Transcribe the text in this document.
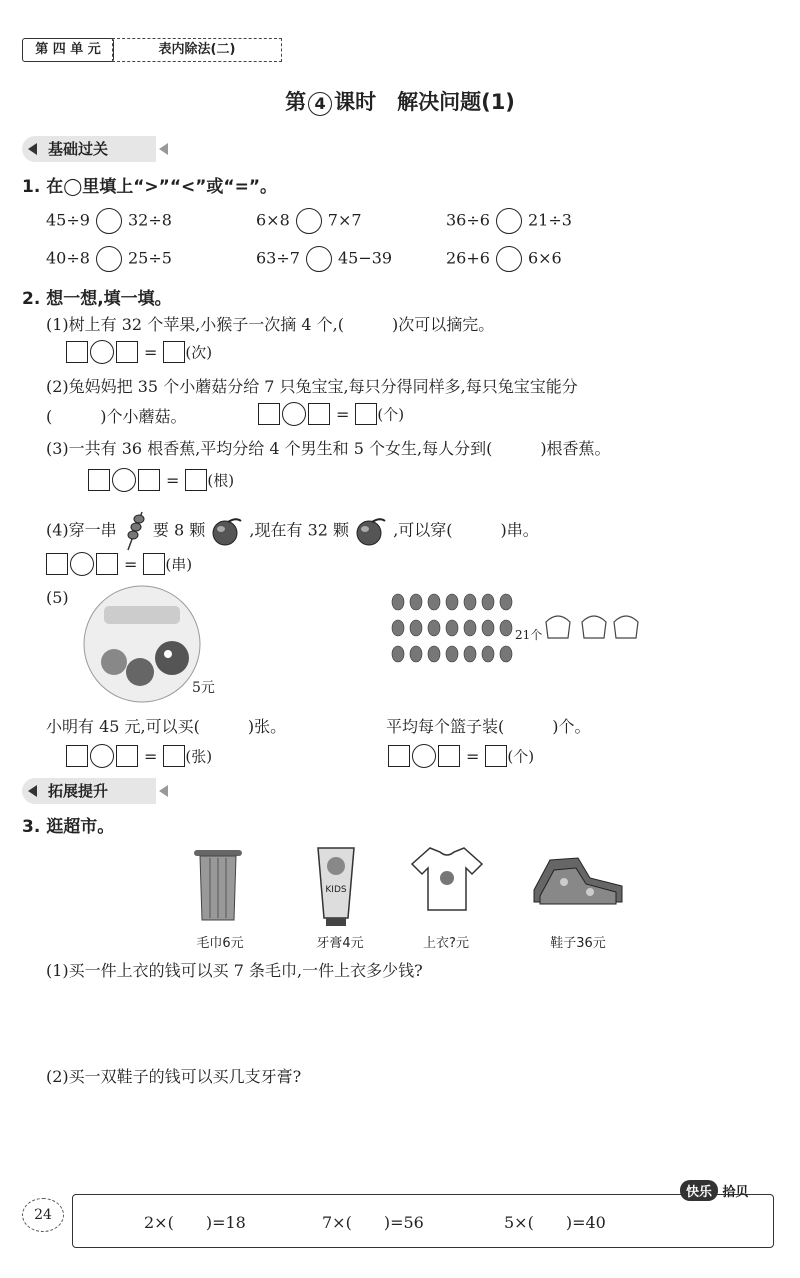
第 四 单 元	表内除法(二)
第 4 课时　解决问题(1)
基础过关
1. 在◯里填上“>”“<”或“=”。
45÷9 32÷8	6×8 7×7	36÷6 21÷3
40÷8 25÷5	63÷7 45−39	26+6 6×6
2. 想一想,填一填。
(1)树上有 32 个苹果,小猴子一次摘 4 个,(　　　)次可以摘完。
= (次)
(2)兔妈妈把 35 个小蘑菇分给 7 只兔宝宝,每只分得同样多,每只兔宝宝能分
(　　　)个小蘑菇。	= (个)
(3)一共有 36 根香蕉,平均分给 4 个男生和 5 个女生,每人分到(　　　)根香蕉。
= (根)
(4)穿一串 要 8 颗	,现在有 32 颗	,可以穿(　　　)串。
= (串)
(5)
5元
21个
小明有 45 元,可以买(　　　)张。	平均每个篮子装(　　　)个。
= (张)	= (个)
拓展提升
3. 逛超市。
KIDS
毛巾6元	牙膏4元	上衣?元	鞋子36元
(1)买一件上衣的钱可以买 7 条毛巾,一件上衣多少钱?
(2)买一双鞋子的钱可以买几支牙膏?
24
快乐 拾贝
2×(　　)=18	7×(　　)=56	5×(　　)=40
